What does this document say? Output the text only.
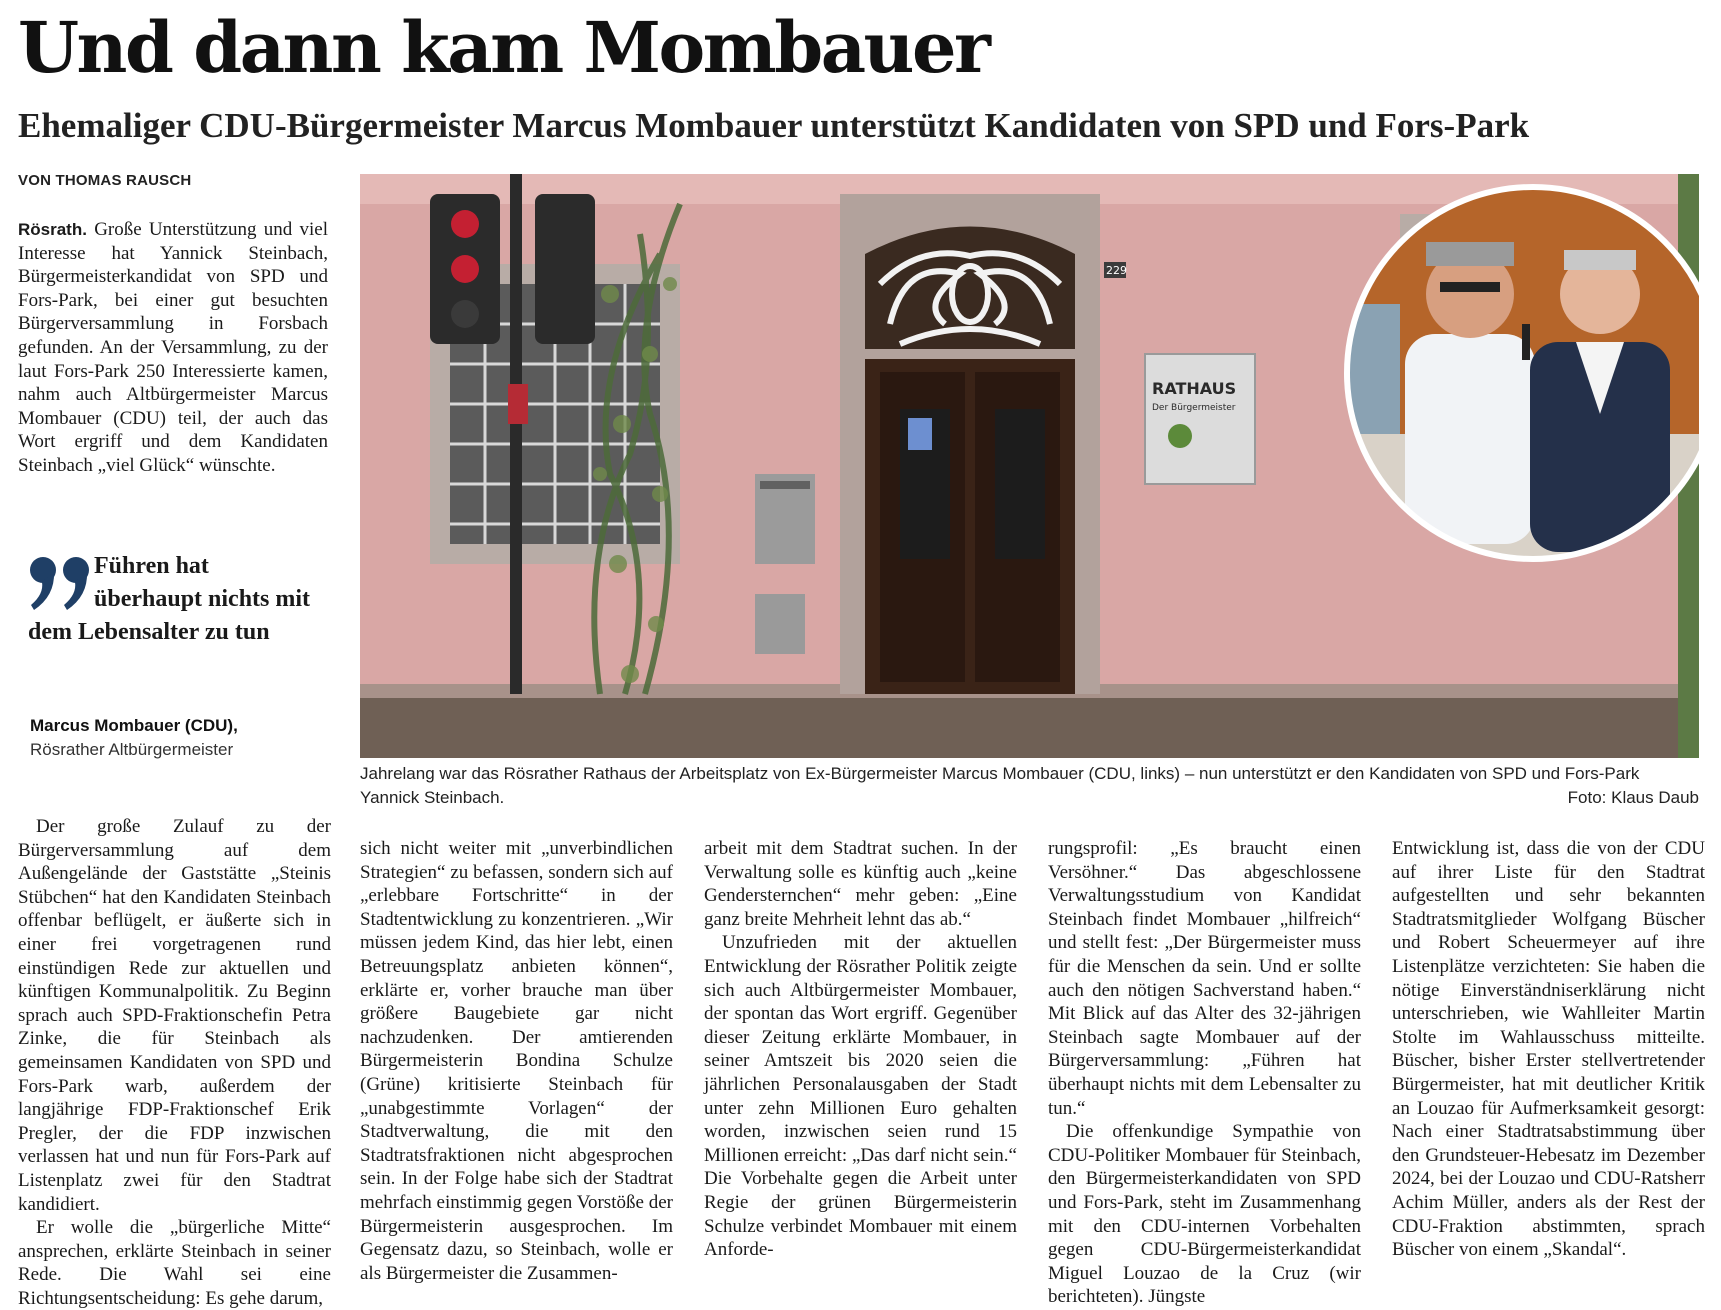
Und dann kam Mombauer
Ehemaliger CDU-Bürgermeister Marcus Mombauer unterstützt Kandidaten von SPD und Fors-Park
VON THOMAS RAUSCH

Rösrath. Große Unterstützung und viel Interesse hat Yannick Steinbach, Bürgermeisterkandidat von SPD und Fors-Park, bei einer gut besuchten Bürgerversammlung in Forsbach gefunden. An der Versammlung, zu der laut Fors-Park 250 Interessierte kamen, nahm auch Altbürgermeister Marcus Mombauer (CDU) teil, der auch das Wort ergriff und dem Kandidaten Steinbach „viel Glück“ wünschte.

Führen hat überhaupt nichts mit dem Lebensalter zu tun
Marcus Mombauer (CDU),
Rösrather Altbürgermeister
229
RATHAUS
Der Bürgermeister
Jahrelang war das Rösrather Rathaus der Arbeitsplatz von Ex-Bürgermeister Marcus Mombauer (CDU, links) – nun unterstützt er den Kandidaten von SPD und Fors-Park Yannick Steinbach.	Foto: Klaus Daub

Der große Zulauf zu der Bürgerversammlung auf dem Außengelände der Gaststätte „Steinis Stübchen“ hat den Kandidaten Steinbach offenbar beflügelt, er äußerte sich in einer frei vorgetragenen rund einstündigen Rede zur aktuellen und künftigen Kommunalpolitik. Zu Beginn sprach auch SPD-Fraktionschefin Petra Zinke, die für Steinbach als gemeinsamen Kandidaten von SPD und Fors-Park warb, außerdem der langjährige FDP-Fraktionschef Erik Pregler, der die FDP inzwischen verlassen hat und nun für Fors-Park auf Listenplatz zwei für den Stadtrat kandidiert.

Er wolle die „bürgerliche Mitte“ ansprechen, erklärte Steinbach in seiner Rede. Die Wahl sei eine Richtungsentscheidung: Es gehe darum,

sich nicht weiter mit „unverbindlichen Strategien“ zu befassen, sondern sich auf „erlebbare Fortschritte“ in der Stadtentwicklung zu konzentrieren. „Wir müssen jedem Kind, das hier lebt, einen Betreuungsplatz anbieten können“, erklärte er, vorher brauche man über größere Baugebiete gar nicht nachzudenken. Der amtierenden Bürgermeisterin Bondina Schulze (Grüne) kritisierte Steinbach für „unabgestimmte Vorlagen“ der Stadtverwaltung, die mit den Stadtratsfraktionen nicht abgesprochen sein. In der Folge habe sich der Stadtrat mehrfach einstimmig gegen Vorstöße der Bürgermeisterin ausgesprochen. Im Gegensatz dazu, so Steinbach, wolle er als Bürgermeister die Zusammen-

arbeit mit dem Stadtrat suchen. In der Verwaltung solle es künftig auch „keine Gendersternchen“ mehr geben: „Eine ganz breite Mehrheit lehnt das ab.“

Unzufrieden mit der aktuellen Entwicklung der Rösrather Politik zeigte sich auch Altbürgermeister Mombauer, der spontan das Wort ergriff. Gegenüber dieser Zeitung erklärte Mombauer, in seiner Amtszeit bis 2020 seien die jährlichen Personalausgaben der Stadt unter zehn Millionen Euro gehalten worden, inzwischen seien rund 15 Millionen erreicht: „Das darf nicht sein.“ Die Vorbehalte gegen die Arbeit unter Regie der grünen Bürgermeisterin Schulze verbindet Mombauer mit einem Anforde-

rungsprofil: „Es braucht einen Versöhner.“ Das abgeschlossene Verwaltungsstudium von Kandidat Steinbach findet Mombauer „hilfreich“ und stellt fest: „Der Bürgermeister muss für die Menschen da sein. Und er sollte auch den nötigen Sachverstand haben.“ Mit Blick auf das Alter des 32-jährigen Steinbach sagte Mombauer auf der Bürgerversammlung: „Führen hat überhaupt nichts mit dem Lebensalter zu tun.“

Die offenkundige Sympathie von CDU-Politiker Mombauer für Steinbach, den Bürgermeisterkandidaten von SPD und Fors-Park, steht im Zusammenhang mit den CDU-internen Vorbehalten gegen CDU-Bürgermeisterkandidat Miguel Louzao de la Cruz (wir berichteten). Jüngste

Entwicklung ist, dass die von der CDU auf ihrer Liste für den Stadtrat aufgestellten und sehr bekannten Stadtratsmitglieder Wolfgang Büscher und Robert Scheuermeyer auf ihre Listenplätze verzichteten: Sie haben die nötige Einverständniserklärung nicht unterschrieben, wie Wahlleiter Martin Stolte im Wahlausschuss mitteilte. Büscher, bisher Erster stellvertretender Bürgermeister, hat mit deutlicher Kritik an Louzao für Aufmerksamkeit gesorgt: Nach einer Stadtratsabstimmung über den Grundsteuer-Hebesatz im Dezember 2024, bei der Louzao und CDU-Ratsherr Achim Müller, anders als der Rest der CDU-Fraktion abstimmten, sprach Büscher von einem „Skandal“.
